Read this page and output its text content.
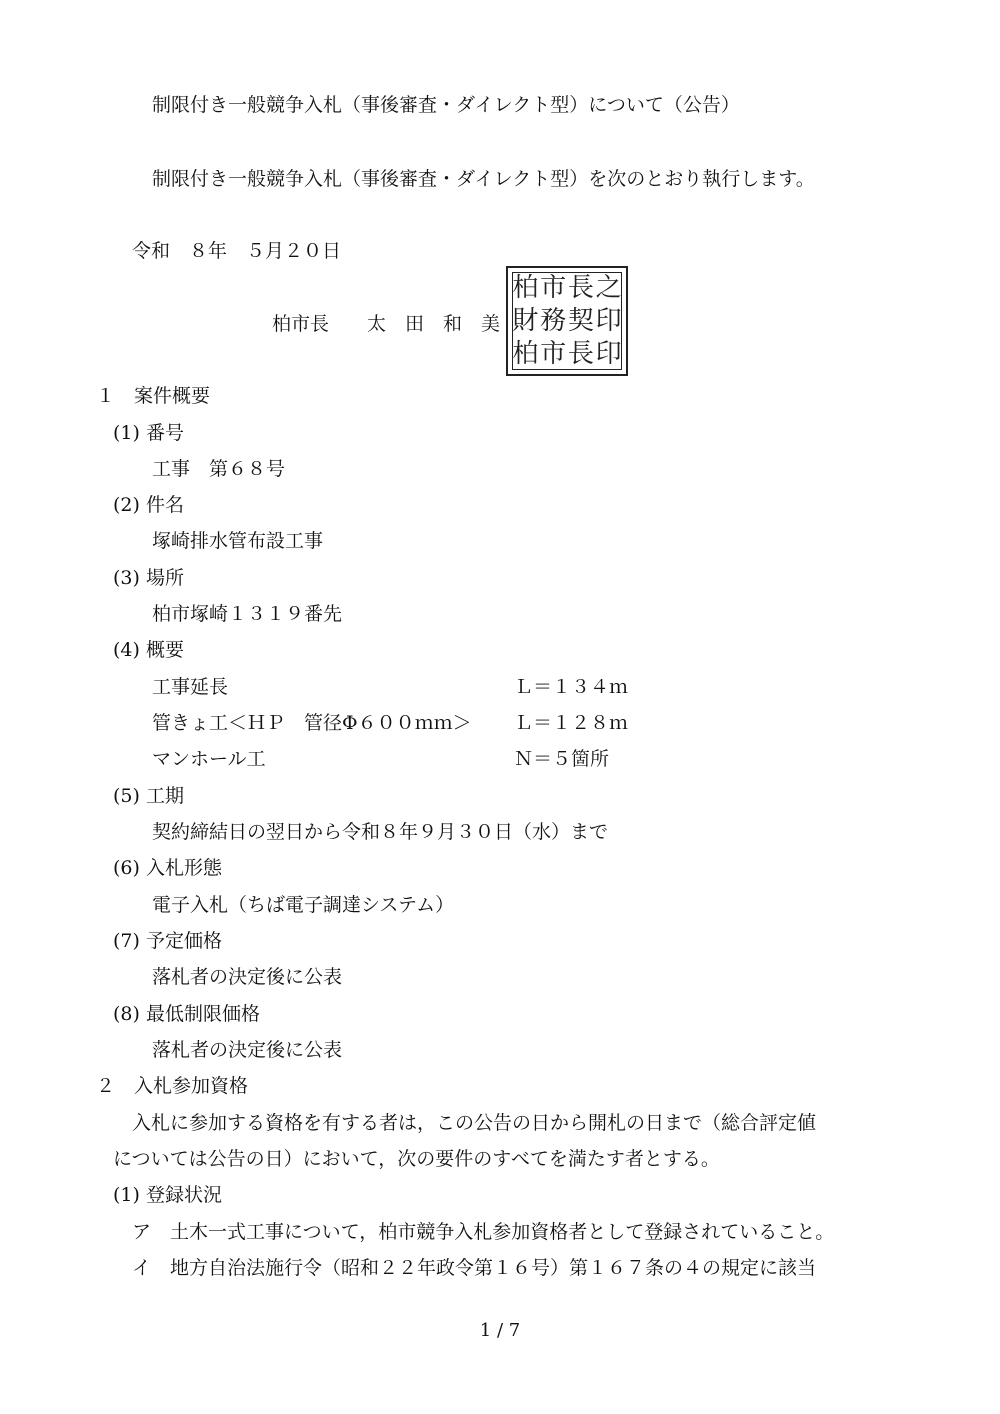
制限付き一般競争入札（事後審査・ダイレクト型）について（公告）
制限付き一般競争入札（事後審査・ダイレクト型）を次のとおり執行します。
令和　８年　５月２０日
柏市長　　太　田　和　美
柏 市 長 之
財 務 契 印
柏 市 長 印
１　案件概要
(1) 番号
工事　第６８号
(2) 件名
塚崎排水管布設工事
(3) 場所
柏市塚崎１３１９番先
(4) 概要
工事延長	Ｌ＝１３４ｍ
管きょ工＜ＨＰ　管径Φ６００ｍｍ＞ Ｌ＝１２８ｍ
マンホール工	Ｎ＝５箇所
(5) 工期
契約締結日の翌日から令和８年９月３０日（水）まで
(6) 入札形態
電子入札（ちば電子調達システム）
(7) 予定価格
落札者の決定後に公表
(8) 最低制限価格
落札者の決定後に公表
２　入札参加資格
入札に参加する資格を有する者は，この公告の日から開札の日まで（総合評定値
については公告の日）において，次の要件のすべてを満たす者とする。
(1) 登録状況
ア　土木一式工事について，柏市競争入札参加資格者として登録されていること。
イ　地方自治法施行令（昭和２２年政令第１６号）第１６７条の４の規定に該当
1 / 7
